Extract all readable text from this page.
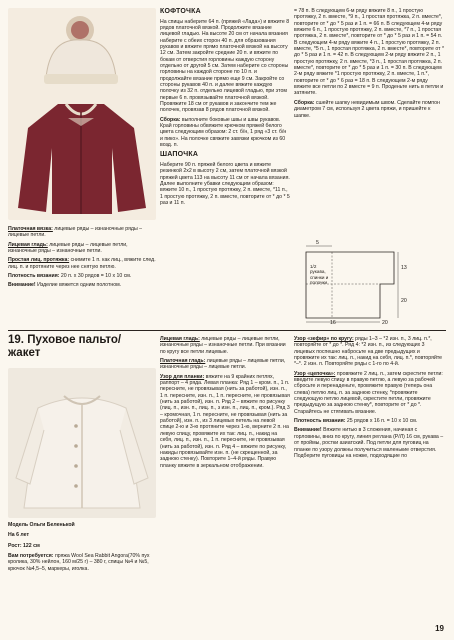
Платочная вязка: лицевые ряды – изнаночные ряды – лицевые петли.
Лицевая гладь: лицевые ряды – лицевые петли, изнаночные ряды – изнаночные петли.
Простая лиц. протяжка: снимите 1 п. как лиц., вяжите след. лиц. п. и протяните через нее снятую петлю.
Плотность вязания: 20 п. х 30 рядов = 10 х 10 см.
Внимание! Изделие вяжется одним полотном.
КОФТОЧКА
На спицы наберите 64 п. (пряжей «Лада») и вяжите 8 рядов платочной вязкой. Продолжите вязание лицевой гладью. На высоте 20 см от начала вязания наберите с обеих сторон 40 п. для образования рукавов и вяжите прямо платочной вязкой на высоту 12 см. Затем закройте средние 20 п. и вяжите по бокам от отверстия горловины каждую сторону отдельно от другой 5 см. Затем наберите со стороны горловины на каждой стороне по 10 п. и продолжайте вязание прямо еще 9 см. Закройте со стороны рукавов 40 п. и далее вяжите каждую полочку из 32 п. отдельно лицевой гладью, при этом первые 6 п. провязывайте платочной вязкой. Провяжите 18 см от рукавов и закончите тем же полочек, провязав 8 рядов платочной вязкой.
Сборка: выполните боковые швы и швы рукавов. Край горловины обвяжите крючком пряжей белого цвета следующим образом: 2 ст. б/н, 1 ряд «3 ст. б/н и пико». На полочке свяжите завязки крючком из 60 возд. п.
ШАПОЧКА
Наберите 90 п. пряжей белого цвета и вяжите резинкой 2х2 в высоту 2 см, затем платочной вязкой пряжей цвета 113 на высоту 11 см от начала вязания. Далее выполните убавки следующим образом: вяжите 10 п., 1 простую протяжку, 2 п. вместе, *11 п., 1 простую протяжку, 2 п. вместе, повторите от * до * 5 раз и 11 п.
= 78 п. В следующем 6-м ряду вяжите 8 п., 1 простую протяжку, 2 п. вместе, *9 п., 1 простая протяжка, 2 п. вместе*, повторите от * до * 5 раз и 1 п. = 66 п. В следующем 4-м ряду вяжите 6 п., 1 простую протяжку, 2 п. вместе, *7 п., 1 простая протяжка, 2 п. вместе*, повторите от * до * 5 раз и 1 п. = 54 п. В следующем 4-м ряду вяжите 4 п., 1 простую протяжку, 2 п. вместе, *5 п., 1 простая протяжка, 2 п. вместе*, повторите от * до * 5 раз и 1 п. = 42 п. В следующем 2-м ряду вяжите 2 п., 1 простую протяжку, 2 п. вместе, *3 п., 1 простая протяжка, 2 п. вместе*, повторите от * до * 5 раз и 1 п. = 30 п. В следующем 2-м ряду вяжите *1 простую протяжку, 2 п. вместе, 1 п.*, повторите от * до * 6 раз = 18 п. В следующем 2-м ряду вяжите все петли по 2 вместе = 9 п. Проденьте нить в петли и затяните.
Сборка: сшейте шапку невидимым швом. Сделайте помпон диаметром 7 см, используя 2 цвета пряжи, и пришейте к шапке.
1/2 рукава, спинки и полочки
13
20
5
16	20
19. Пуховое пальто/
жакет
Модель Ольги Беленькой
На 6 лет
Рост: 122 см
Вам потребуется: пряжа Wool Sea Rabbit Angora(70% пух кролика, 30% нейлон, 160 м/25 г) – 380 г, спицы №4 и №5, крючок №4,5–5, маркеры, иголка.
Лицевая гладь: лицевые ряды – лицевые петли, изнаночные ряды – изнаночные петли. При вязании по кругу все петли лицевые.
Платочная гладь: лицевые ряды – лицевые петли, изнаночные ряды – лицевые петли.
Узор для планки: вяжите на 9 крайних петлях, раппорт – 4 ряда. Левая планка: Ряд 1 – кром. п., 1 п. пересните, не провязывая (нить за работой), изн. п., 1 п. пересните, изн. п., 1 п. пересните, не провязывая (нить за работой), изн. п. Ряд 2 – вяжите по рисунку (лиц. п., изн. п., лиц. п., з изн. п., лиц. п., кром.). Ряд 3 – кромочная, 1 п. пересните, не провязывая (нить за работой), изн. п., из 3 лицевых петель на левой спице 2-ю и 3-ю протяните через 1-ю, верните 2 п. на левую спицу, провяжите их так: лиц. п., накид на себя, лиц. п., изн. п., 1 п. пересните, не провязывая (нить за работой), изн. п. Ряд 4 – вяжите по рисунку, накиды провязывайте изн. п. (не скрещенной, за заднюю стенку). Повторите 1–4-й ряды. Правую планку вяжите в зеркальном отображении.
Узор «зефир» по кругу: ряды 1–3 – *2 изн. п., 3 лиц. п.*, повторяйте от * до *. Ряд 4: *2 изн. п., из следующих 3 лицевых поспешно набросьте на две предыдущих и провяжите их так: лиц. п., накид на себя, лиц. п.*, повторяйте *–*. 2 изн. п. Повторяйте ряды с 1-го по 4-й.
Узор «цепочка»: провяжите 2 лиц. п., затем скрестите петли: введите левую спицу в правую петлю, а левую за рабочей сбросьте и перенаденьте, провяжите правую (теперь она слева) петлю лиц. п. за заднюю стенку, *провяжите следующую петлю лицевой, скрестите петли, провяжите предыдущую за заднюю стенку*, повторите от * до *. Старайтесь не стягивать вязание.
Плотность вязания: 25 рядов х 16 п. = 10 х 10 см.
Внимание! Вяжите нитью в 3 сложения, начиная с горловины, вниз по кругу, линия реглана (Р/Л) 16 см, рукава – от проймы, ростки азиатский. Под петли для пуговиц на планке по узору должны получиться маленькие отверстия. Подберите пуговицы на ножке, подходящие по
19
